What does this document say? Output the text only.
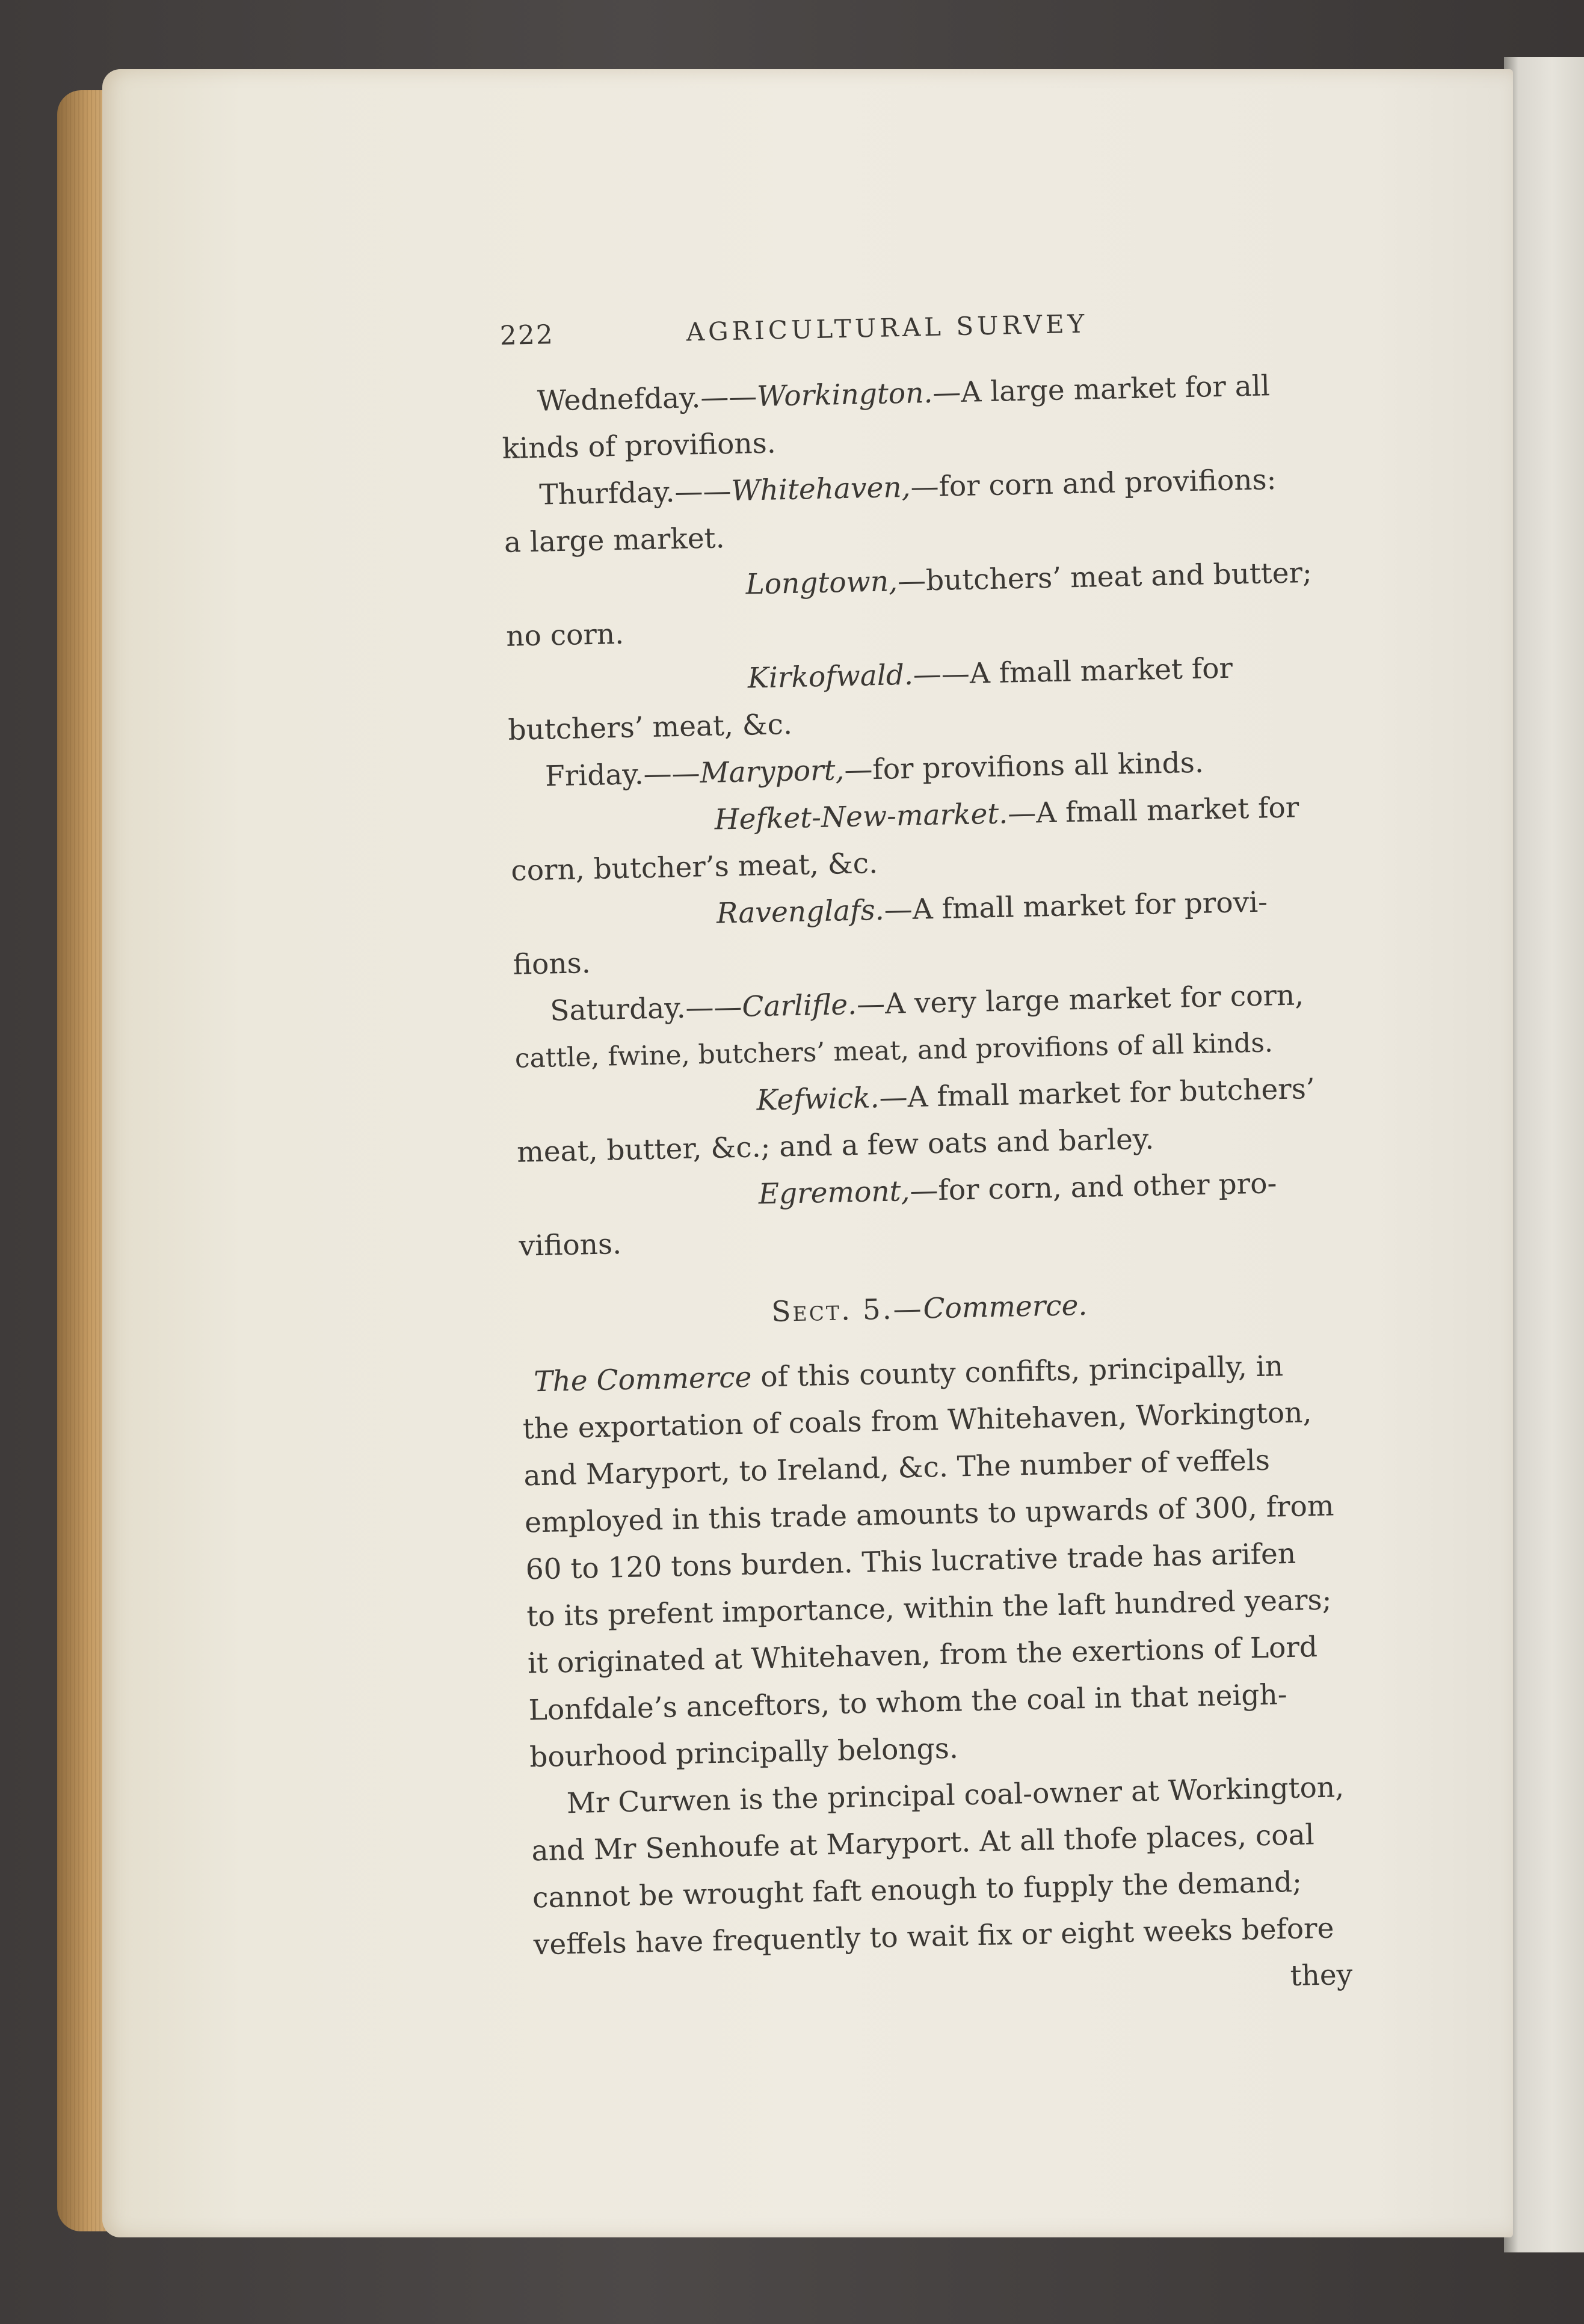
222	AGRICULTURAL SURVEY
Wednefday.——Workington.—A large market for all
kinds of provifions.
Thurfday.——Whitehaven,—for corn and provifions:
a large market.
Longtown,—butchers’ meat and butter;
no corn.
Kirkofwald.——A fmall market for
butchers’ meat, &c.
Friday.——Maryport,—for provifions all kinds.
Hefket-New-market.—A fmall market for
corn, butcher’s meat, &c.
Ravenglafs.—A fmall market for provi-
fions.
Saturday.——Carlifle.—A very large market for corn,
cattle, fwine, butchers’ meat, and provifions of all kinds.
Kefwick.—A fmall market for butchers’
meat, butter, &c.; and a few oats and barley.
Egremont,—for corn, and other pro-
vifions.
Sect. 5.—Commerce.
The Commerce of this county confifts, principally, in
the exportation of coals from Whitehaven, Workington,
and Maryport, to Ireland, &c. The number of veffels
employed in this trade amounts to upwards of 300, from
60 to 120 tons burden. This lucrative trade has arifen
to its prefent importance, within the laft hundred years;
it originated at Whitehaven, from the exertions of Lord
Lonfdale’s anceftors, to whom the coal in that neigh-
bourhood principally belongs.
Mr Curwen is the principal coal-owner at Workington,
and Mr Senhoufe at Maryport. At all thofe places, coal
cannot be wrought faft enough to fupply the demand;
veffels have frequently to wait fix or eight weeks before
they
